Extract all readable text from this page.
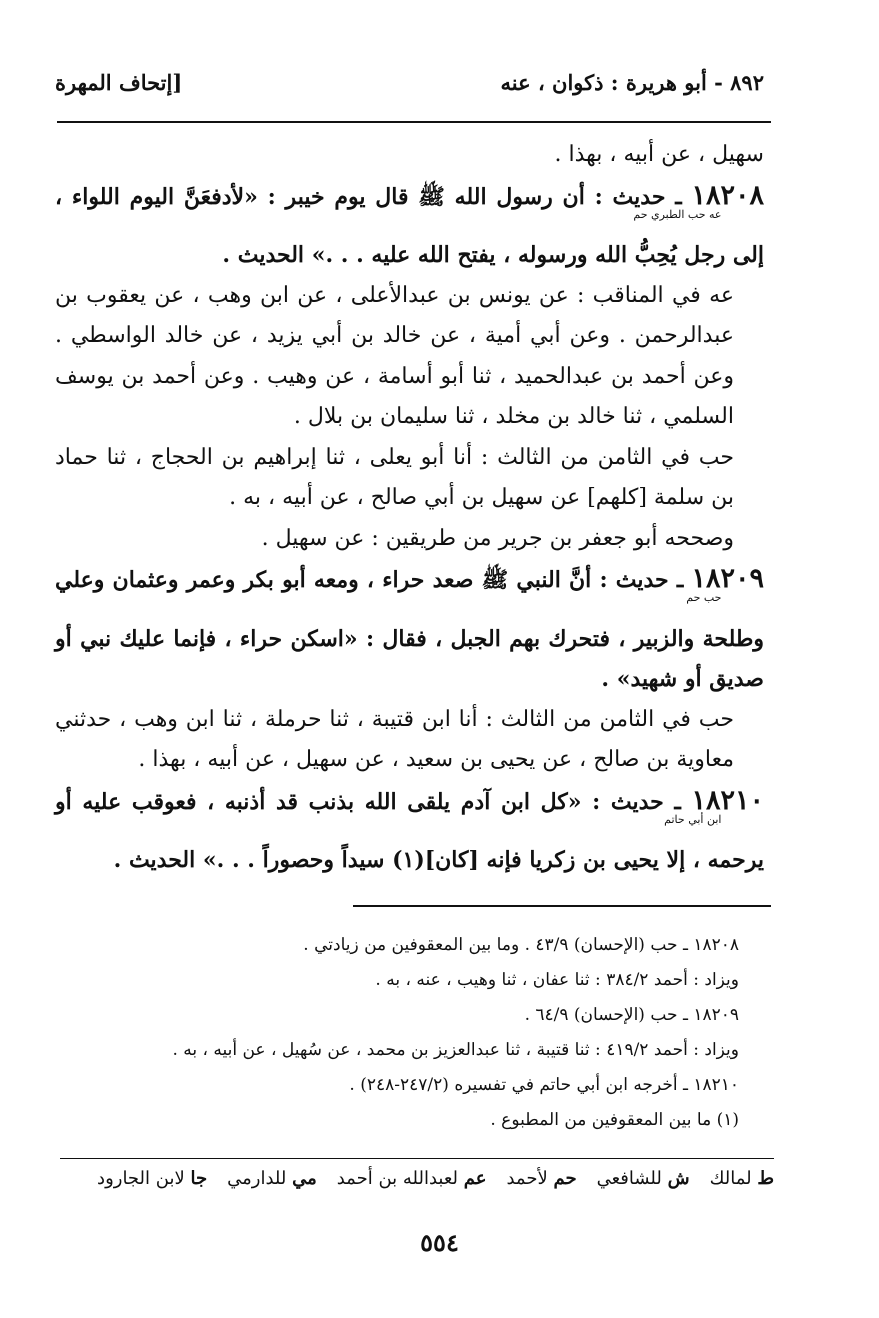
٨٩٢ - أبو هريرة : ذكوان ، عنه
[إتحاف المهرة

سهيل ، عن أبيه ، بهذا .

١٨٢٠٨عه حب الطبري حم ـ حديث : أن رسول الله ﷺ قال يوم خيبر : «لأدفعَنَّ اليوم اللواء ، إلى رجل يُحِبُّ الله ورسوله ، يفتح الله عليه . . .» الحديث .

عه في المناقب : عن يونس بن عبدالأعلى ، عن ابن وهب ، عن يعقوب بن عبدالرحمن . وعن أبي أمية ، عن خالد بن أبي يزيد ، عن خالد الواسطي . وعن أحمد بن عبدالحميد ، ثنا أبو أسامة ، عن وهيب . وعن أحمد بن يوسف السلمي ، ثنا خالد بن مخلد ، ثنا سليمان بن بلال .

حب في الثامن من الثالث : أنا أبو يعلى ، ثنا إبراهيم بن الحجاج ، ثنا حماد بن سلمة [كلهم] عن سهيل بن أبي صالح ، عن أبيه ، به .

وصححه أبو جعفر بن جرير من طريقين : عن سهيل .

١٨٢٠٩حب حم ـ حديث : أنَّ النبي ﷺ صعد حراء ، ومعه أبو بكر وعمر وعثمان وعلي وطلحة والزبير ، فتحرك بهم الجبل ، فقال : «اسكن حراء ، فإنما عليك نبي أو صديق أو شهيد» .

حب في الثامن من الثالث : أنا ابن قتيبة ، ثنا حرملة ، ثنا ابن وهب ، حدثني معاوية بن صالح ، عن يحيى بن سعيد ، عن سهيل ، عن أبيه ، بهذا .

١٨٢١٠ابن أبي حاتم ـ حديث : «كل ابن آدم يلقى الله بذنب قد أذنبه ، فعوقب عليه أو يرحمه ، إلا يحيى بن زكريا فإنه [كان](١) سيداً وحصوراً . . .» الحديث .

١٨٢٠٨ ـ حب (الإحسان) ٤٣/٩ . وما بين المعقوفين من زيادتي .
ويزاد : أحمد ٣٨٤/٢ : ثنا عفان ، ثنا وهيب ، عنه ، به .
١٨٢٠٩ ـ حب (الإحسان) ٦٤/٩ .
ويزاد : أحمد ٤١٩/٢ : ثنا قتيبة ، ثنا عبدالعزيز بن محمد ، عن سُهيل ، عن أبيه ، به .
١٨٢١٠ ـ أخرجه ابن أبي حاتم في تفسيره (٢٤٧/٢-٢٤٨) .
(١) ما بين المعقوفين من المطبوع .
ط لمالك
ش للشافعي
حم لأحمد
عم لعبدالله بن أحمد
مي للدارمي
جا لابن الجارود
٥٥٤
